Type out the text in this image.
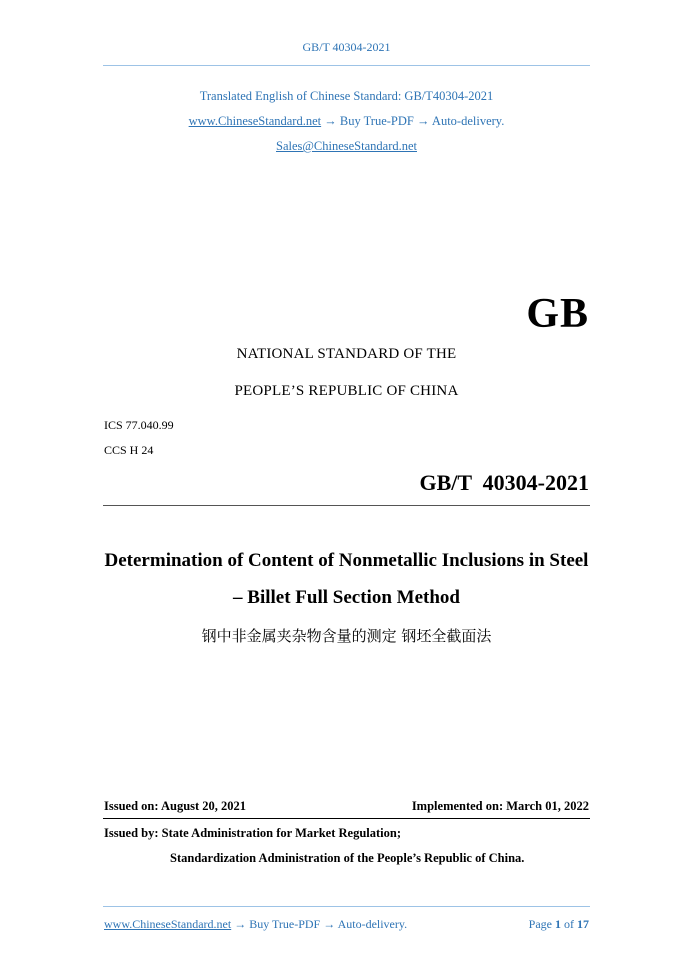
GB/T 40304-2021
Translated English of Chinese Standard: GB/T40304-2021
www.ChineseStandard.net → Buy True-PDF → Auto-delivery.
Sales@ChineseStandard.net
GB
NATIONAL STANDARD OF THE
PEOPLE’S REPUBLIC OF CHINA
ICS 77.040.99
CCS H 24
GB/T  40304-2021
Determination of Content of Nonmetallic Inclusions in Steel
– Billet Full Section Method
钢中非金属夹杂物含量的测定 钢坯全截面法
Issued on: August 20, 2021	Implemented on: March 01, 2022
Issued by: State Administration for Market Regulation;
Standardization Administration of the People’s Republic of China.
www.ChineseStandard.net → Buy True-PDF → Auto-delivery.	Page 1 of 17
